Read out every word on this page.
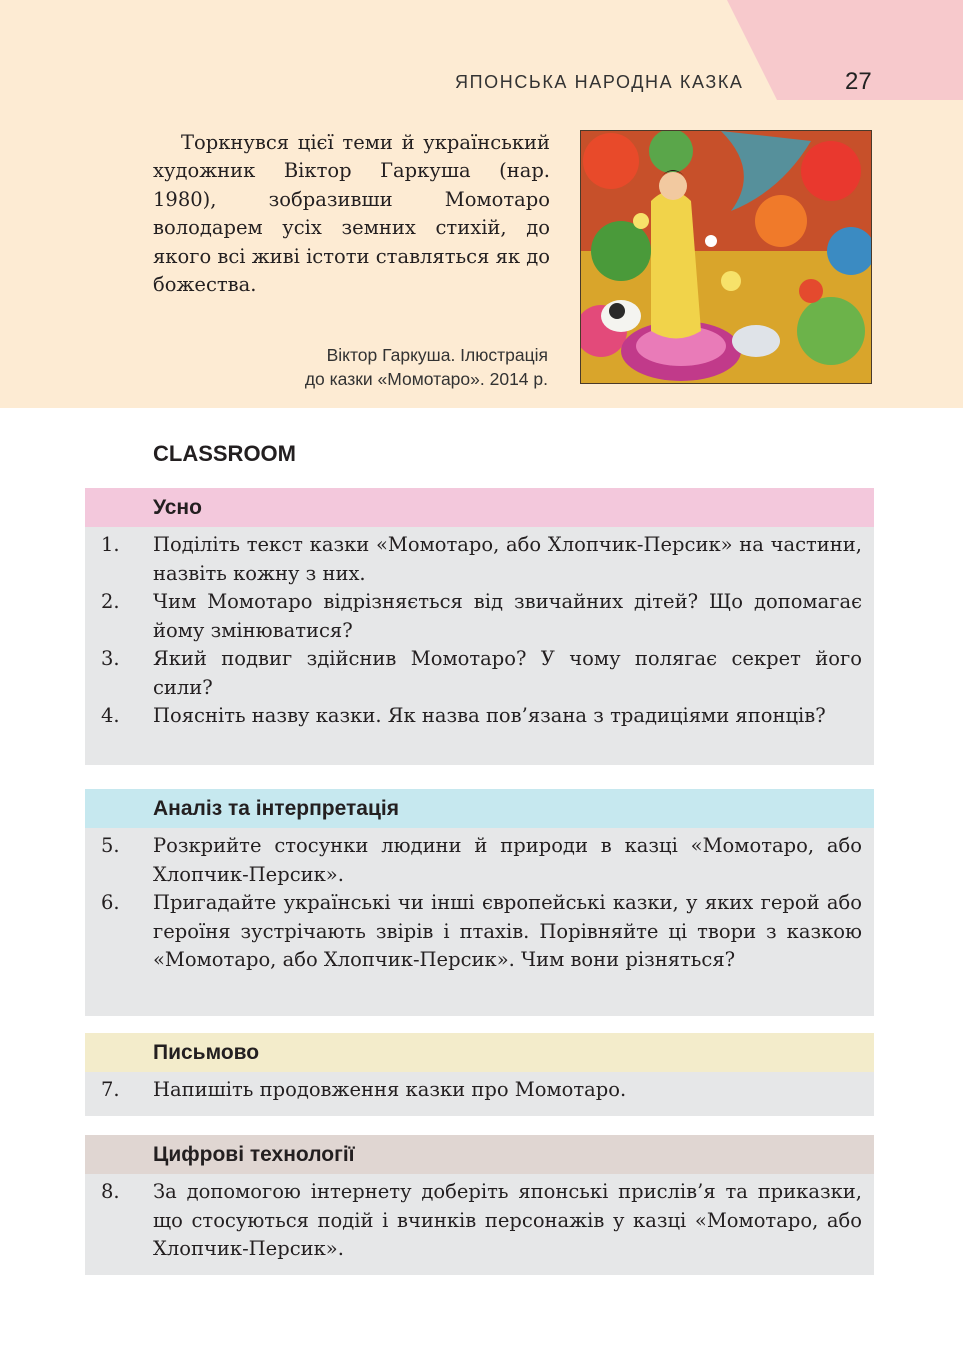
ЯПОНСЬКА НАРОДНА КАЗКА	27

Торкнувся цієї теми й український художник Віктор Гаркуша (нар. 1980), зобразивши Момотаро володарем усіх земних стихій, до якого всі живі істоти ставляться як до божества.

Віктор Гаркуша. Ілюстрація
до казки «Момотаро». 2014 р.
CLASSROOM
Усно
1.	Поділіть текст казки «Момотаро, або Хлопчик-Персик» на частини, назвіть кожну з них.
2.	Чим Момотаро відрізняється від звичайних дітей? Що допомагає йому змінюватися?
3.	Який подвиг здійснив Момотаро? У чому полягає секрет його сили?
4.	Поясніть назву казки. Як назва пов’язана з традиціями японців?
Аналіз та інтерпретація
5.	Розкрийте стосунки людини й природи в казці «Момотаро, або Хлопчик-Персик».
6.	Пригадайте українські чи інші європейські казки, у яких герой або героїня зустрічають звірів і птахів. Порівняйте ці твори з казкою «Момотаро, або Хлопчик-Персик». Чим вони різняться?
Письмово
7.	Напишіть продовження казки про Момотаро.
Цифрові технології
8.	За допомогою інтернету доберіть японські прислів’я та приказки, що стосуються подій і вчинків персонажів у казці «Момотаро, або Хлопчик-Персик».
